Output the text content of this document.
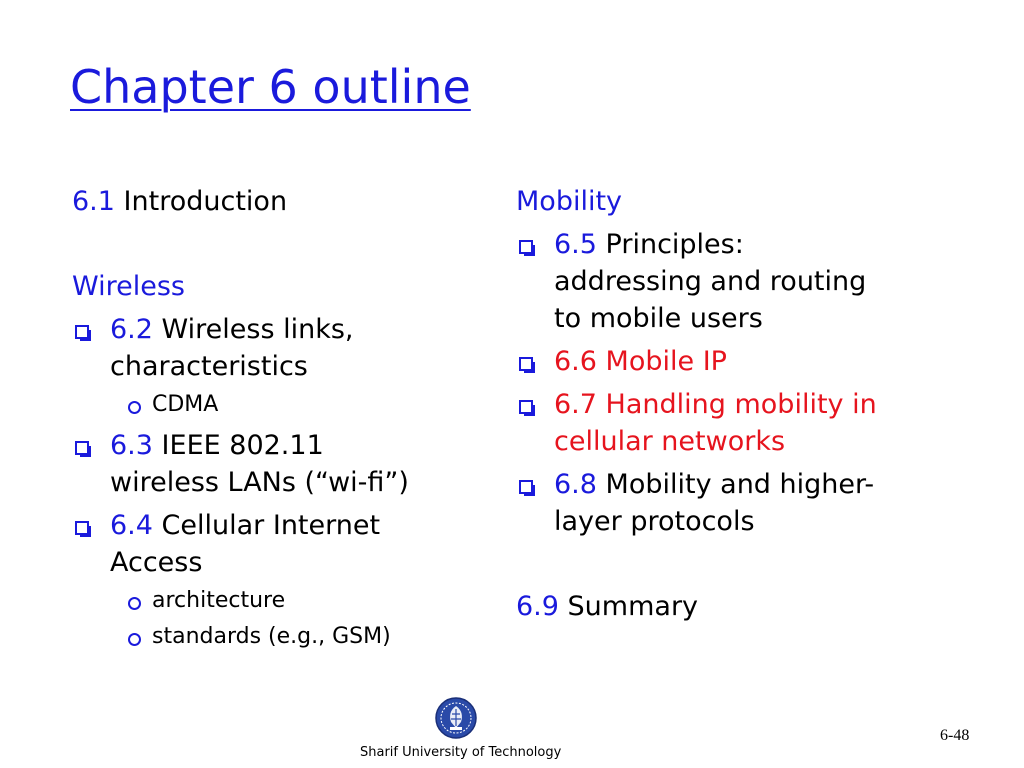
Chapter 6 outline
6.1 Introduction
Wireless
6.2 Wireless links,
characteristics
CDMA
6.3 IEEE 802.11
wireless LANs (“wi-fi”)
6.4 Cellular Internet
Access
architecture
standards (e.g., GSM)
Mobility
6.5 Principles:
addressing and routing
to mobile users
6.6 Mobile IP
6.7 Handling mobility in
cellular networks
6.8 Mobility and higher-
layer protocols
6.9 Summary
Sharif University of Technology
6-48
